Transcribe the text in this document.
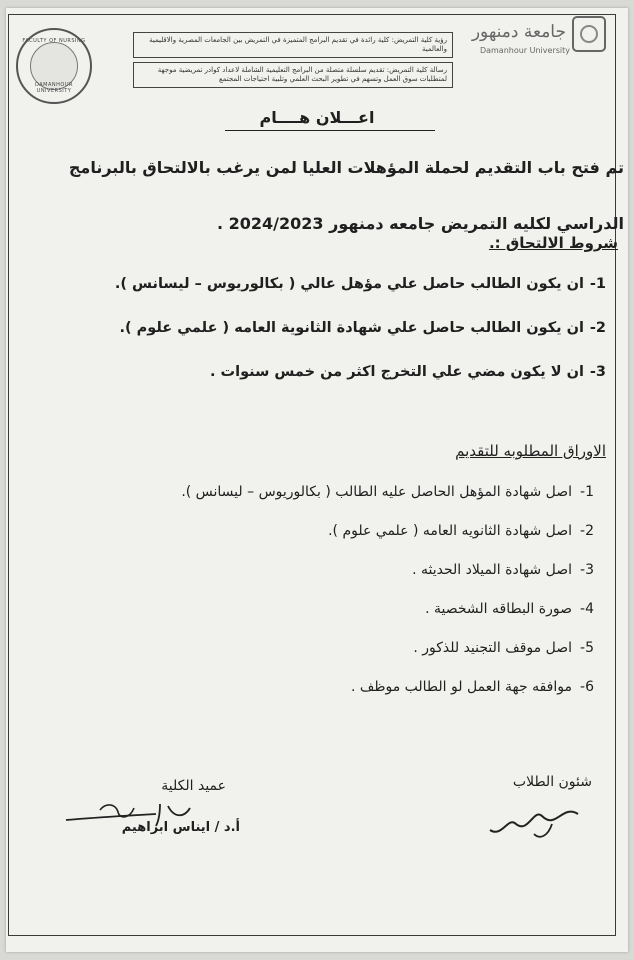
FACULTY OF NURSING
DAMANHOUR UNIVERSITY
رؤية كلية التمريض: كلية رائدة في تقديم البرامج المتميزة في التمريض بين الجامعات المصرية والاقليمية والعالمية
رسالة كلية التمريض: تقديم سلسلة متصلة من البرامج التعليمية الشاملة لاعداد كوادر تمريضية موجهة لمتطلبات سوق العمل وتسهم في تطوير البحث العلمي وتلبية احتياجات المجتمع
جامعة دمنهور
Damanhour University
اعـــلان هــــام
تم فتح باب التقديم لحملة المؤهلات العليا لمن يرغب بالالتحاق بالبرنامج الدراسي لكليه التمريض جامعه دمنهور 2024/2023 .
شروط الالتحاق :.
1-
ان يكون الطالب حاصل علي مؤهل عالي ( بكالوريوس – ليسانس ).
2-
ان يكون الطالب حاصل علي شهادة الثانوية العامه ( علمي علوم ).
3-
ان لا يكون مضي علي التخرج اكثر من خمس سنوات .
الاوراق المطلوبه للتقديم
1-
اصل شهادة المؤهل الحاصل عليه الطالب ( بكالوريوس – ليسانس ).
2-
اصل شهادة الثانويه العامه ( علمي علوم ).
3-
اصل شهادة الميلاد الحديثه .
4-
صورة البطاقه الشخصية .
5-
اصل موقف التجنيد للذكور .
6-
موافقه جهة العمل لو الطالب موظف .
شئون الطلاب
عميد الكلية
أ.د / ايناس ابراهيم
